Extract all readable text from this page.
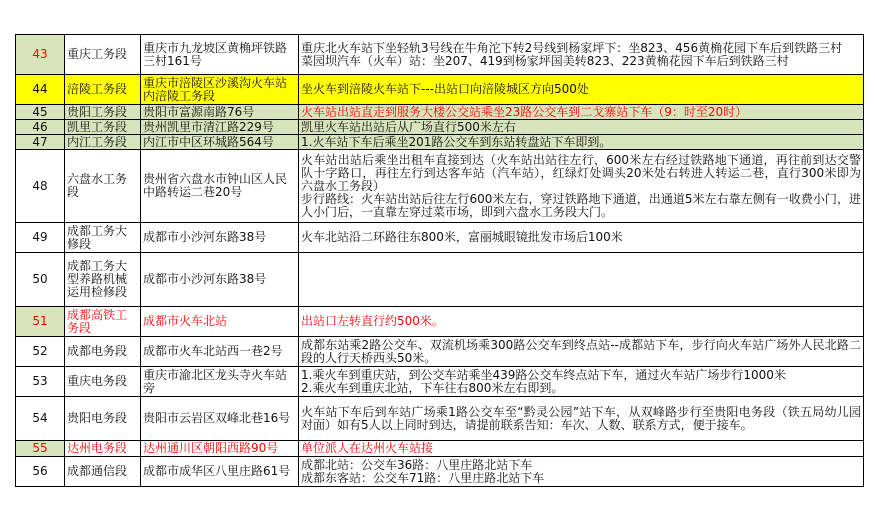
43	重庆工务段	重庆市九龙坡区黄桷坪铁路三村161号	重庆北火车站下坐轻轨3号线在牛角沱下转2号线到杨家坪下：坐823、456黄桷花园下车后到铁路三村
菜园坝汽车（火车）站：坐207、419到杨家坪国美转823、223黄桷花园下车后到铁路三村
44	涪陵工务段	重庆市涪陵区沙溪沟火车站内涪陵工务段	坐火车到涪陵火车站下---出站口向涪陵城区方向500处
45	贵阳工务段	贵阳市富源南路76号	火车站出站直走到服务大楼公交站乘坐23路公交车到二戈寨站下车（9：时至20时）
46	凯里工务段	贵州凯里市清江路229号	凯里火车站出站后从广场直行500米左右
47	内江工务段	内江市中区环城路564号	1.火车站下车后乘坐201路公交车到东站转盘站下车即到。
48	六盘水工务段	贵州省六盘水市钟山区人民中路转运二巷20号	火车站出站后乘坐出租车直接到达（火车站出站往左行，600米左右经过铁路地下通道，再往前到达交警队十字路口，再往左行到达客车站（汽车站），红绿灯处调头20米处右转进人转运二巷，直行300米即为六盘水工务段）
步行路线：火车站出站后往左行600米左右，穿过铁路地下通道，出通道5米左右靠左侧有一收费小门，进人小门后，一直靠左穿过菜市场，即到六盘水工务段大门。
49	成都工务大修段	成都市小沙河东路38号	火车北站沿二环路往东800米，富丽城眼镜批发市场后100米
50	成都工务大型养路机械运用检修段	成都市小沙河东路38号	
51	成都高铁工务段	成都市火车北站	出站口左转直行约500米。
52	成都电务段	成都市火车北站西一巷2号	成都东站乘2路公交车、双流机场乘300路公交车到终点站--成都站下车，步行向火车站广场外人民北路二段的人行天桥西头50米。
53	重庆电务段	重庆市渝北区龙头寺火车站旁	1.乘火车到重庆站，到公交车站乘坐439路公交车终点站下车，通过火车站广场步行1000米
2.乘火车到重庆北站，下车往右800米左右即到。
54	贵阳电务段	贵阳市云岩区双峰北巷16号	火车站下车后到车站广场乘1路公交车至“黔灵公园”站下车，从双峰路步行至贵阳电务段（铁五局幼儿园对面）如有5人以上同时到达，请提前联系告知：车次、人数、联系方式，便于接车。
55	达州电务段	达州通川区朝阳西路90号	单位派人在达州火车站接
56	成都通信段	成都市成华区八里庄路61号	成都北站：公交车36路：八里庄路北站下车
成都东客站：公交车71路：八里庄路北站下车
